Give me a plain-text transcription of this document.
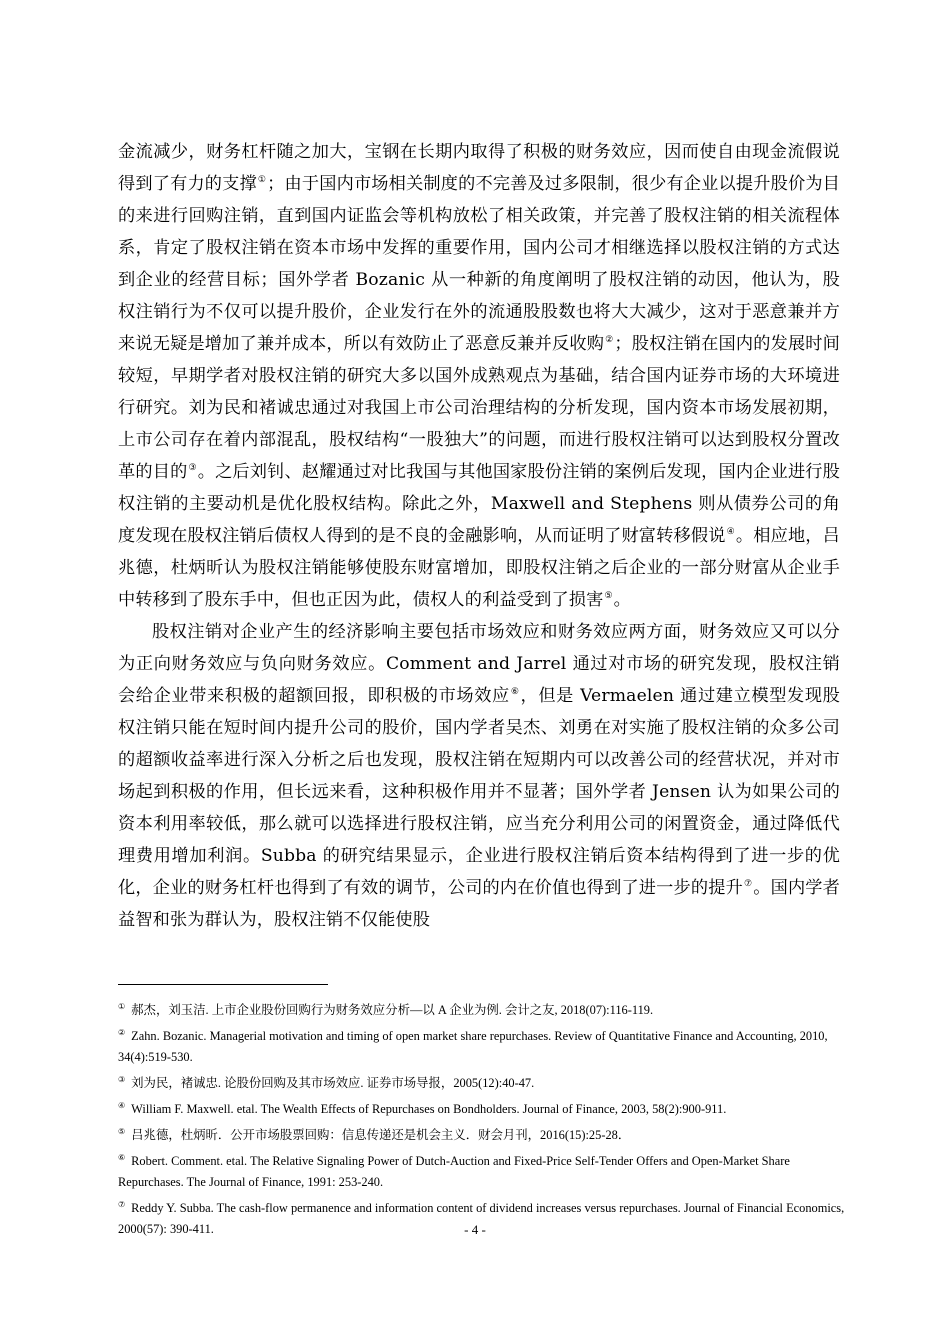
金流减少，财务杠杆随之加大，宝钢在长期内取得了积极的财务效应，因而使自由现金流假说得到了有力的支撑①；由于国内市场相关制度的不完善及过多限制，很少有企业以提升股价为目的来进行回购注销，直到国内证监会等机构放松了相关政策，并完善了股权注销的相关流程体系，肯定了股权注销在资本市场中发挥的重要作用，国内公司才相继选择以股权注销的方式达到企业的经营目标；国外学者 Bozanic 从一种新的角度阐明了股权注销的动因，他认为，股权注销行为不仅可以提升股价，企业发行在外的流通股股数也将大大减少，这对于恶意兼并方来说无疑是增加了兼并成本，所以有效防止了恶意反兼并反收购②；股权注销在国内的发展时间较短，早期学者对股权注销的研究大多以国外成熟观点为基础，结合国内证券市场的大环境进行研究。刘为民和褚诚忠通过对我国上市公司治理结构的分析发现，国内资本市场发展初期，上市公司存在着内部混乱，股权结构“一股独大”的问题，而进行股权注销可以达到股权分置改革的目的③。之后刘钊、赵耀通过对比我国与其他国家股份注销的案例后发现，国内企业进行股权注销的主要动机是优化股权结构。除此之外，Maxwell and Stephens 则从债券公司的角度发现在股权注销后债权人得到的是不良的金融影响，从而证明了财富转移假说④。相应地，吕兆德，杜炳昕认为股权注销能够使股东财富增加，即股权注销之后企业的一部分财富从企业手中转移到了股东手中，但也正因为此，债权人的利益受到了损害⑤。

股权注销对企业产生的经济影响主要包括市场效应和财务效应两方面，财务效应又可以分为正向财务效应与负向财务效应。Comment and Jarrel 通过对市场的研究发现，股权注销会给企业带来积极的超额回报，即积极的市场效应⑥，但是 Vermaelen 通过建立模型发现股权注销只能在短时间内提升公司的股价，国内学者吴杰、刘勇在对实施了股权注销的众多公司的超额收益率进行深入分析之后也发现，股权注销在短期内可以改善公司的经营状况，并对市场起到积极的作用，但长远来看，这种积极作用并不显著；国外学者 Jensen 认为如果公司的资本利用率较低，那么就可以选择进行股权注销，应当充分利用公司的闲置资金，通过降低代理费用增加利润。Subba 的研究结果显示，企业进行股权注销后资本结构得到了进一步的优化，企业的财务杠杆也得到了有效的调节，公司的内在价值也得到了进一步的提升⑦。国内学者益智和张为群认为，股权注销不仅能使股

① 郝杰，刘玉洁. 上市企业股份回购行为财务效应分析—以 A 企业为例. 会计之友, 2018(07):116-119.
② Zahn. Bozanic. Managerial motivation and timing of open market share repurchases. Review of Quantitative Finance and Accounting, 2010, 34(4):519-530.
③ 刘为民，褚诚忠. 论股份回购及其市场效应. 证券市场导报，2005(12):40-47.
④ William F. Maxwell. etal. The Wealth Effects of Repurchases on Bondholders. Journal of Finance, 2003, 58(2):900-911.
⑤ 吕兆德，杜炳昕．公开市场股票回购：信息传递还是机会主义．财会月刊，2016(15):25-28．
⑥ Robert. Comment. etal. The Relative Signaling Power of Dutch-Auction and Fixed-Price Self-Tender Offers and Open-Market Share Repurchases. The Journal of Finance, 1991: 253-240.
⑦ Reddy Y. Subba. The cash-flow permanence and information content of dividend increases versus repurchases. Journal of Financial Economics, 2000(57): 390-411.	- 4 -
